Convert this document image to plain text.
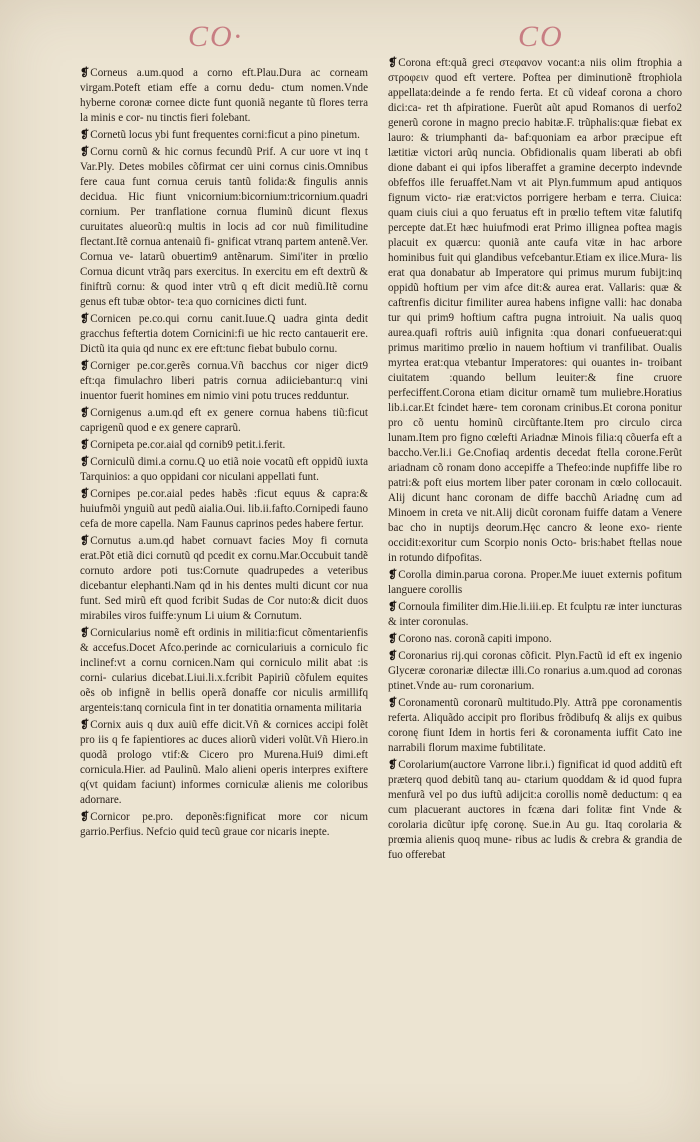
CO·	CO

❡Corneus a.um.quod a corno eft.Plau.Dura ac corneam virgam.Poteft etiam effe a cornu dedu- ctum nomen.Vnde hyberne coronæ cornee dicte funt quoniã negante tũ flores terra la minis e cor- nu tinctis fieri folebant.

❡Cornetũ locus ybi funt frequentes corni:ficut a pino pinetum.

❡Cornu cornũ & hic cornus fecundũ Prif. A cur uore vt inq t Var.Ply. Detes mobiles cõfirmat cer uini cornus cinis.Omnibus fere caua funt cornua ceruis tantũ folida:& fingulis annis decidua. Hic fiunt vnicornium:bicornium:tricornium.quadri cornium. Per tranflatione cornua fluminũ dicunt flexus curuitates alueorũ:q multis in locis ad cor nuũ fimilitudine flectant.Itẽ cornua antenaiũ fi- gnificat vtranq partem antenẽ.Ver. Cornua ve- latarũ obuertim9 antẽnarum. Simi'iter in prœlio Cornua dicunt vtrãq pars exercitus. In exercitu em eft dextrũ & finiftrũ cornu: & quod inter vtrũ q eft dicit mediũ.Itẽ cornu genus eft tubæ obtor- te:a quo cornicines dicti funt.

❡Cornicen pe.co.qui cornu canit.Iuue.Q uadra ginta dedit gracchus feftertia dotem Cornicini:fi ue hic recto cantauerit ere. Dictũ ita quia qd nunc ex ere eft:tunc fiebat bubulo cornu.

❡Corniger pe.cor.gerẽs cornua.Vñ bacchus cor niger dict9 eft:qa fimulachro liberi patris cornua adiiciebantur:q vini inuentor fuerit homines em nimio vini potu truces redduntur.

❡Cornigenus a.um.qd eft ex genere cornua habens tiũ:ficut caprigenũ quod e ex genere caprarũ.

❡Cornipeta pe.cor.aial qd cornib9 petit.i.ferit.

❡Corniculũ dimi.a cornu.Q uo etiã noie vocatũ eft oppidũ iuxta Tarquinios: a quo oppidani cor niculani appellati funt.

❡Cornipes pe.cor.aial pedes habẽs :ficut equus & capra:& huiufmõi ynguiũ aut pedũ aialia.Oui. lib.ii.fafto.Cornipedi fauno cefa de more capella. Nam Faunus caprinos pedes habere fertur.

❡Cornutus a.um.qd habet cornuavt facies Moy fi cornuta erat.Põt etiã dici cornutũ qd pcedit ex cornu.Mar.Occubuit tandẽ cornuto ardore poti tus:Cornute quadrupedes a veteribus dicebantur elephanti.Nam qd in his dentes multi dicunt cor nua funt. Sed mirũ eft quod fcribit Sudas de Cor nuto:& dicit duos mirabiles viros fuiffe:ynum Li uium & Cornutum.

❡Cornicularius nomẽ eft ordinis in militia:ficut cõmentarienfis & accefus.Docet Afco.perinde ac corniculariuis a corniculo fic inclinef:vt a cornu cornicen.Nam qui corniculo milit abat :is corni- cularius dicebat.Liui.li.x.fcribit Papiriũ cõfulem equites oẽs ob infignẽ in bellis operã donaffe cor niculis armillifq argenteis:tanq cornicula fint in ter donatitia ornamenta militaria

❡Cornix auis q dux auiũ effe dicit.Vñ & cornices accipi folẽt pro iis q fe fapientiores ac duces aliorũ videri volũt.Vñ Hiero.in quodã prologo vtif:& Cicero pro Murena.Hui9 dimi.eft cornicula.Hier. ad Paulinũ. Malo alieni operis interpres exiftere q(vt quidam faciunt) informes corniculæ alienis me coloribus adornare.

❡Cornicor pe.pro. deponẽs:fignificat more cor nicum garrio.Perfius. Nefcio quid tecũ graue cor nicaris inepte.

❡Corona eft:quã greci στεφανον vocant:a niis olim ftrophia a στροφειν quod eft vertere. Poftea per diminutionẽ ftrophiola appellata:deinde a fe rendo ferta. Et cũ videaf corona a choro dici:ca- ret th afpiratione. Fuerũt aũt apud Romanos di uerfo2 generũ corone in magno precio habitæ.F. trũphalis:quæ fiebat ex lauro: & triumphanti da- baf:quoniam ea arbor præcipue eft lætitiæ victori arũq nuncia. Obfidionalis quam liberati ab obfi dione dabant ei qui ipfos liberaffet a gramine decerpto indevnde obfeffos ille feruaffet.Nam vt ait Plyn.fummum apud antiquos fignum victo- riæ erat:victos porrigere herbam e terra. Ciuica: quam ciuis ciui a quo feruatus eft in prœlio teftem vitæ falutifq percepte dat.Et hæc huiufmodi erat Primo illignea poftea magis placuit ex quærcu: quoniã ante caufa vitæ in hac arbore hominibus fuit qui glandibus vefcebantur.Etiam ex ilice.Mura- lis erat qua donabatur ab Imperatore qui primus murum fubijt:inq oppidũ hoftium per vim afce dit:& aurea erat. Vallaris: quæ & caftrenfis dicitur fimiliter aurea habens infigne valli: hac donaba tur qui prim9 hoftium caftra pugna introiuit. Na ualis quoq aurea.quafi roftris auiũ infignita :qua donari confueuerat:qui primus maritimo prœlio in nauem hoftium vi tranfilibat. Oualis myrtea erat:qua vtebantur Imperatores: qui ouantes in- troibant ciuitatem :quando bellum leuiter:& fine cruore perfeciffent.Corona etiam dicitur ornamẽ tum muliebre.Horatius lib.i.car.Et fcindet hære- tem coronam crinibus.Et corona ponitur pro cõ uentu hominũ circũftante.Item pro circulo circa lunam.Item pro figno cœlefti Ariadnæ Minois filia:q cõuerfa eft a baccho.Ver.li.i Ge.Cnofiaq ardentis decedat ftella corone.Ferũt ariadnam cõ ronam dono accepiffe a Thefeo:inde nupfiffe libe ro patri:& poft eius mortem liber pater coronam in cœlo collocauit. Alij dicunt hanc coronam de diffe bacchũ Ariadnę cum ad Minoem in creta ve nit.Alij dicũt coronam fuiffe datam a Venere bac cho in nuptijs deorum.Hęc cancro & leone exo- riente occidit:exoritur cum Scorpio nonis Octo- bris:habet ftellas noue in rotundo difpofitas.

❡Corolla dimin.parua corona. Proper.Me iuuet externis pofitum languere corollis

❡Cornoula fimiliter dim.Hie.li.iii.ep. Et fculptu ræ inter iuncturas & inter coronulas.

❡Corono nas. coronã capiti impono.

❡Coronarius rij.qui coronas cõficit. Plyn.Factũ id eft ex ingenio Glyceræ coronariæ dilectæ illi.Co ronarius a.um.quod ad coronas ptinet.Vnde au- rum coronarium.

❡Coronamentũ coronarũ multitudo.Ply. Attrã ppe coronamentis referta. Aliquãdo accipit pro floribus frõdibufq & alijs ex quibus coronę fiunt Idem in hortis feri & coronamenta iuffit Cato ine narrabili florum maxime fubtilitate.

❡Corolarium(auctore Varrone libr.i.) fignificat id quod additũ eft præterq quod debitũ tanq au- ctarium quoddam & id quod fupra menfurã vel po dus iuftũ adijcit:a corollis nomẽ deductum: q ea cum placuerant auctores in fcæna dari folitæ fint Vnde & corolaria dicũtur ipfę coronę. Sue.in Au gu. Itaq corolaria & prœmia alienis quoq mune- ribus ac ludis & crebra & grandia de fuo offerebat
